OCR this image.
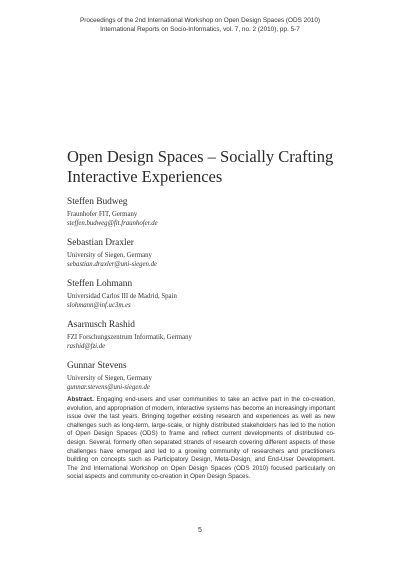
Proceedings of the 2nd International Workshop on Open Design Spaces (ODS 2010)
International Reports on Socio-Informatics, vol. 7, no. 2 (2010), pp. 5-7
Open Design Spaces – Socially Crafting
Interactive Experiences
Steffen Budweg
Fraunhofer FIT, Germany
steffen.budweg@fit.fraunhofer.de
Sebastian Draxler
University of Siegen, Germany
sebastian.draxler@uni-siegen.de
Steffen Lohmann
Universidad Carlos III de Madrid, Spain
slohmann@inf.uc3m.es
Asarnusch Rashid
FZI Forschungszentrum Informatik, Germany
rashid@fzi.de
Gunnar Stevens
University of Siegen, Germany
gunnar.stevens@uni-siegen.de
Abstract. Engaging end-users and user communities to take an active part in the co-creation, evolution, and appropriation of modern, interactive systems has become an increasingly important issue over the last years. Bringing together existing research and experiences as well as new challenges such as long-term, large-scale, or highly distributed stakeholders has led to the notion of Open Design Spaces (ODS) to frame and reflect current developments of distributed co-design. Several, formerly often separated strands of research covering different aspects of these challenges have emerged and led to a growing community of researchers and practitioners building on concepts such as Participatory Design, Meta-Design, and End-User Development. The 2nd International Workshop on Open Design Spaces (ODS 2010) focused particularly on social aspects and community co-creation in Open Design Spaces.
5
